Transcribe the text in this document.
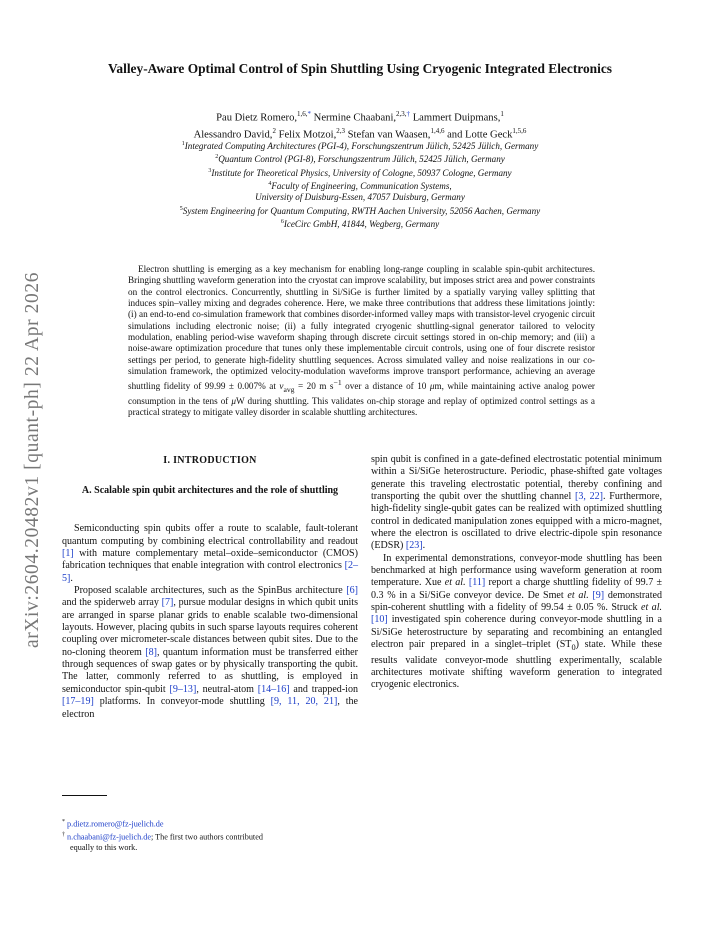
arXiv:2604.20482v1 [quant-ph] 22 Apr 2026
Valley-Aware Optimal Control of Spin Shuttling Using Cryogenic Integrated Electronics
Pau Dietz Romero,$^{1,6,*}$ Nermine Chaabani,$^{2,3,\dagger}$ Lammert Duipmans,$^1$
Alessandro David,$^2$ Felix Motzoi,$^{2,3}$ Stefan van Waasen,$^{1,4,6}$ and Lotte Geck$^{1,5,6}$
$^1$Integrated Computing Architectures (PGI-4), Forschungszentrum Jülich, 52425 Jülich, Germany
$^2$Quantum Control (PGI-8), Forschungszentrum Jülich, 52425 Jülich, Germany
$^3$Institute for Theoretical Physics, University of Cologne, 50937 Cologne, Germany
$^4$Faculty of Engineering, Communication Systems,
University of Duisburg-Essen, 47057 Duisburg, Germany
$^5$System Engineering for Quantum Computing, RWTH Aachen University, 52056 Aachen, Germany
$^6$IceCirc GmbH, 41844, Wegberg, Germany

Electron shuttling is emerging as a key mechanism for enabling long-range coupling in scalable spin-qubit architectures. Bringing shuttling waveform generation into the cryostat can improve scalability, but imposes strict area and power constraints on the control electronics. Concurrently, shuttling in Si/SiGe is further limited by a spatially varying valley splitting that induces spin–valley mixing and degrades coherence. Here, we make three contributions that address these limitations jointly: (i) an end-to-end co-simulation framework that combines disorder-informed valley maps with transistor-level cryogenic circuit simulations including electronic noise; (ii) a fully integrated cryogenic shuttling-signal generator tailored to velocity modulation, enabling period-wise waveform shaping through discrete circuit settings stored in on-chip memory; and (iii) a noise-aware optimization procedure that tunes only these implementable circuit controls, using one of four discrete resistor settings per period, to generate high-fidelity shuttling sequences. Across simulated valley and noise realizations in our co-simulation framework, the optimized velocity-modulation waveforms improve transport performance, achieving an average shuttling fidelity of 99.99 ± 0.007% at $v_{avg} = 20$ m $s^{-1}$ over a distance of 10 μm, while maintaining active analog power consumption in the tens of μW during shuttling. This validates on-chip storage and replay of optimized control settings as a practical strategy to mitigate valley disorder in scalable shuttling architectures.

I. INTRODUCTION
A. Scalable spin qubit architectures and the role of shuttling

Semiconducting spin qubits offer a route to scalable, fault-tolerant quantum computing by combining electrical controllability and readout [1] with mature complementary metal–oxide–semiconductor (CMOS) fabrication techniques that enable integration with control electronics [2–5].

Proposed scalable architectures, such as the SpinBus architecture [6] and the spiderweb array [7], pursue modular designs in which qubit units are arranged in sparse planar grids to enable scalable two-dimensional layouts. However, placing qubits in such sparse layouts requires coherent coupling over micrometer-scale distances between qubit sites. Due to the no-cloning theorem [8], quantum information must be transferred either through sequences of swap gates or by physically transporting the qubit. The latter, commonly referred to as shuttling, is employed in semiconductor spin-qubit [9–13], neutral-atom [14–16] and trapped-ion [17–19] platforms. In conveyor-mode shuttling [9, 11, 20, 21], the electron

spin qubit is confined in a gate-defined electrostatic potential minimum within a Si/SiGe heterostructure. Periodic, phase-shifted gate voltages generate this traveling electrostatic potential, thereby confining and transporting the qubit over the shuttling channel [3, 22]. Furthermore, high-fidelity single-qubit gates can be realized with optimized shuttling control in dedicated manipulation zones equipped with a micro-magnet, where the electron is oscillated to drive electric-dipole spin resonance (EDSR) [23].

In experimental demonstrations, conveyor-mode shuttling has been benchmarked at high performance using waveform generation at room temperature. Xue et al. [11] report a charge shuttling fidelity of 99.7 ± 0.3 % in a Si/SiGe conveyor device. De Smet et al. [9] demonstrated spin-coherent shuttling with a fidelity of 99.54 ± 0.05 %. Struck et al. [10] investigated spin coherence during conveyor-mode shuttling in a Si/SiGe heterostructure by separating and recombining an entangled electron pair prepared in a singlet–triplet $(ST_0)$ state. While these results validate conveyor-mode shuttling experimentally, scalable architectures motivate shifting waveform generation to integrated cryogenic electronics.

* p.dietz.romero@fz-juelich.de
† n.chaabani@fz-juelich.de; The first two authors contributed
equally to this work.
